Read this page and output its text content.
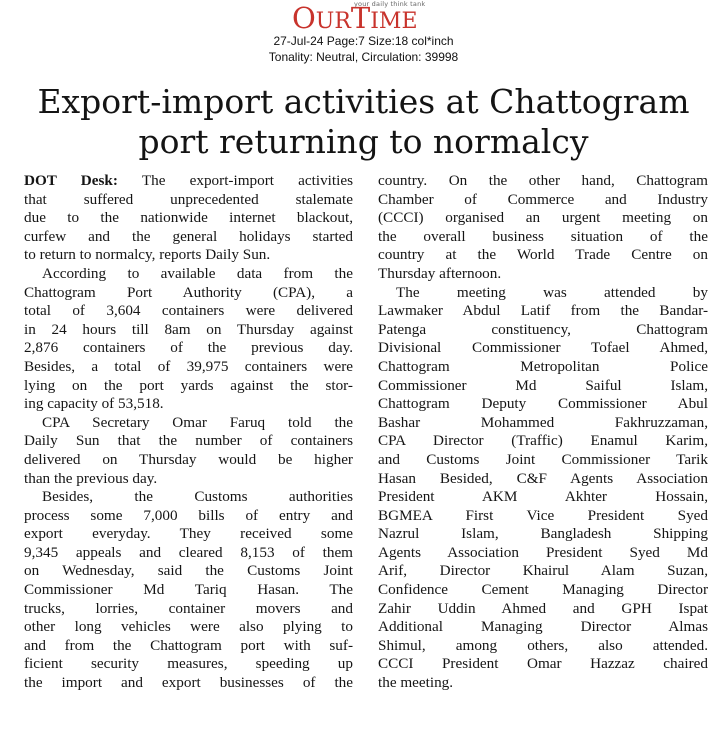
your daily think tank
OURTIME
27-Jul-24 Page:7 Size:18 col*inch
Tonality: Neutral, Circulation: 39998
Export-import activities at Chattogram
port returning to normalcy
DOT Desk: The export-import activities
that suffered unprecedented stalemate
due to the nationwide internet blackout,
curfew and the general holidays started
to return to normalcy, reports Daily Sun.
According to available data from the
Chattogram Port Authority (CPA), a
total of 3,604 containers were delivered
in 24 hours till 8am on Thursday against
2,876 containers of the previous day.
Besides, a total of 39,975 containers were
lying on the port yards against the stor-
ing capacity of 53,518.
CPA Secretary Omar Faruq told the
Daily Sun that the number of containers
delivered on Thursday would be higher
than the previous day.
Besides, the Customs authorities
process some 7,000 bills of entry and
export everyday. They received some
9,345 appeals and cleared 8,153 of them
on Wednesday, said the Customs Joint
Commissioner Md Tariq Hasan. The
trucks, lorries, container movers and
other long vehicles were also plying to
and from the Chattogram port with suf-
ficient security measures, speeding up
the import and export businesses of the
country. On the other hand, Chattogram
Chamber of Commerce and Industry
(CCCI) organised an urgent meeting on
the overall business situation of the
country at the World Trade Centre on
Thursday afternoon.
The meeting was attended by
Lawmaker Abdul Latif from the Bandar-
Patenga constituency, Chattogram
Divisional Commissioner Tofael Ahmed,
Chattogram Metropolitan Police
Commissioner Md Saiful Islam,
Chattogram Deputy Commissioner Abul
Bashar Mohammed Fakhruzzaman,
CPA Director (Traffic) Enamul Karim,
and Customs Joint Commissioner Tarik
Hasan Besided, C&F Agents Association
President AKM Akhter Hossain,
BGMEA First Vice President Syed
Nazrul Islam, Bangladesh Shipping
Agents Association President Syed Md
Arif, Director Khairul Alam Suzan,
Confidence Cement Managing Director
Zahir Uddin Ahmed and GPH Ispat
Additional Managing Director Almas
Shimul, among others, also attended.
CCCI President Omar Hazzaz chaired
the meeting.
